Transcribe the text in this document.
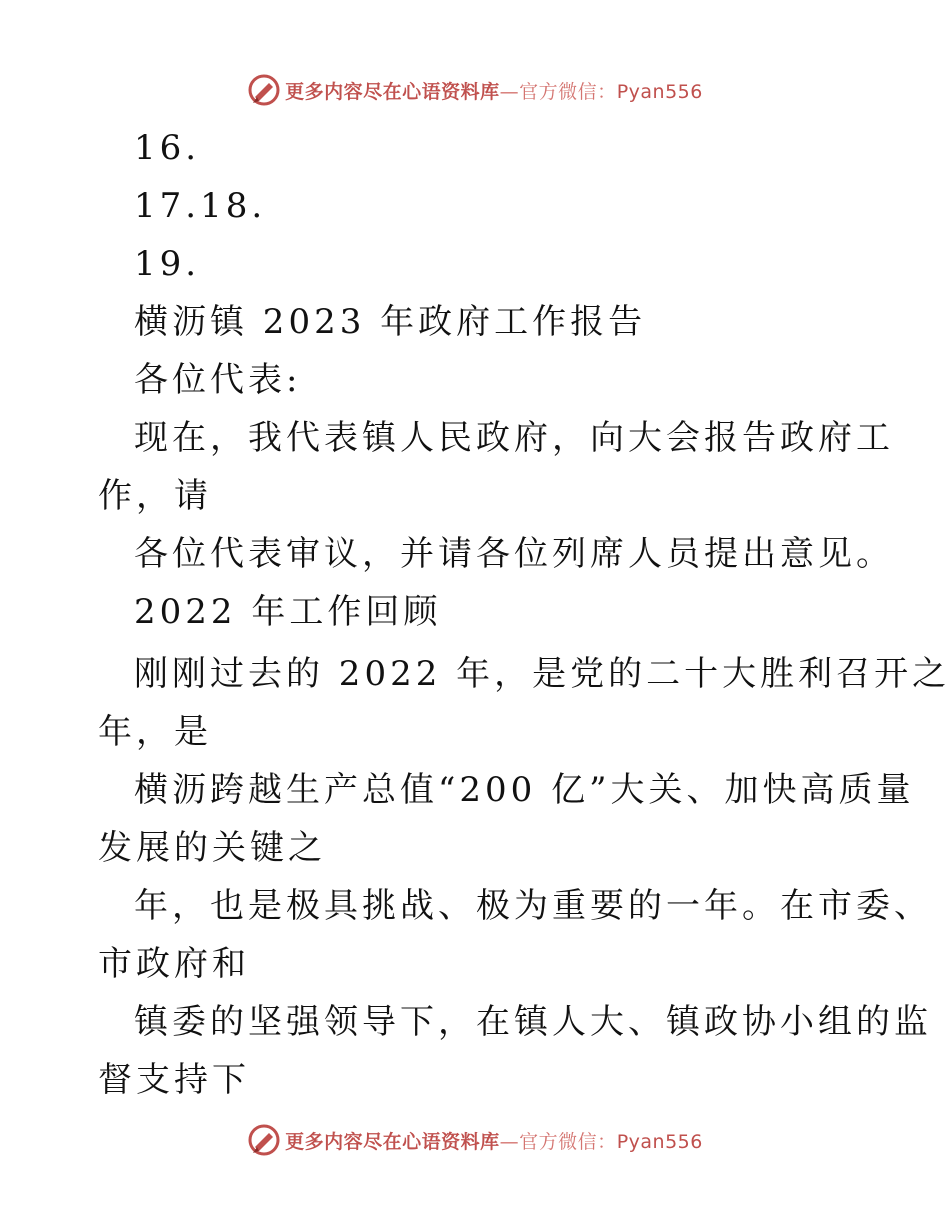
更多内容尽在心语资料库—官方微信：Pyan556
16.
17.18.
19.
横沥镇 2023 年政府工作报告
各位代表:
现在，我代表镇人民政府，向大会报告政府工
作，请
各位代表审议，并请各位列席人员提出意见。
2022 年工作回顾
刚刚过去的 2022 年，是党的二十大胜利召开之
年，是
横沥跨越生产总值“200 亿”大关、加快高质量
发展的关键之
年，也是极具挑战、极为重要的一年。在市委、
市政府和
镇委的坚强领导下，在镇人大、镇政协小组的监
督支持下
更多内容尽在心语资料库—官方微信：Pyan556
